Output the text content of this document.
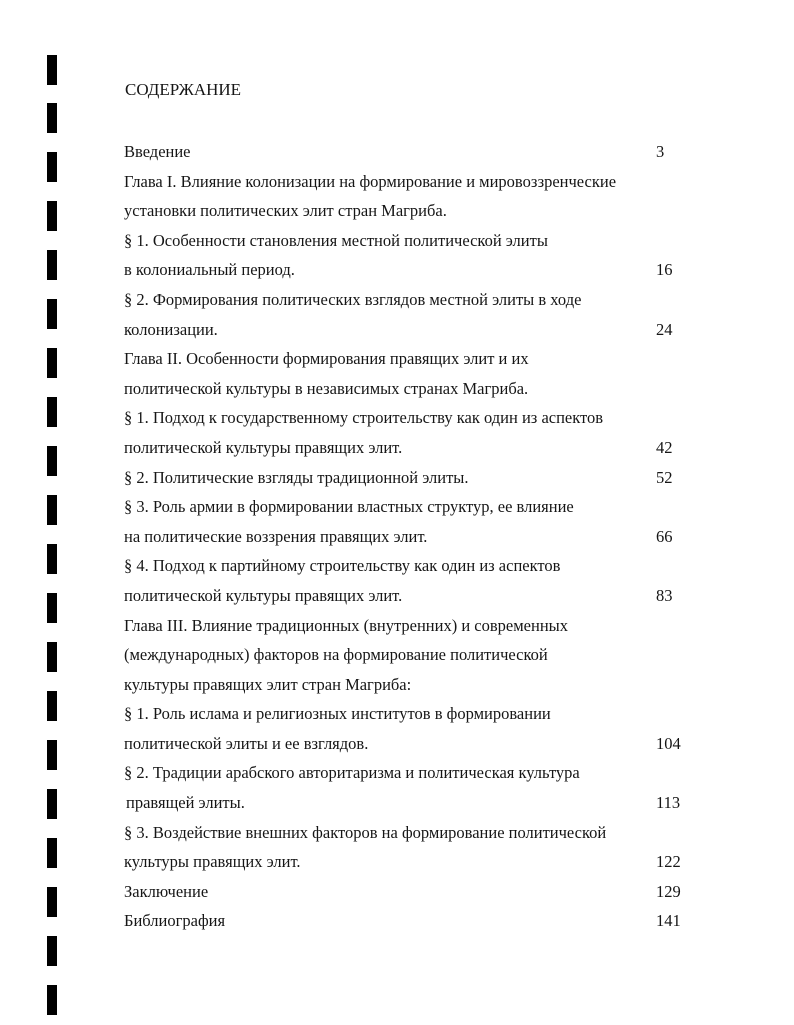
СОДЕРЖАНИЕ
Введение	3
Глава I. Влияние колонизации на формирование и мировоззренческие
установки политических элит стран Магриба.
§ 1. Особенности становления местной политической элиты
в колониальный период.	16
§ 2. Формирования политических взглядов местной элиты в ходе
колонизации.	24
Глава II. Особенности формирования правящих элит и их
политической культуры в независимых странах Магриба.
§ 1. Подход к государственному строительству как один из аспектов
политической культуры правящих элит.	42
§ 2. Политические взгляды традиционной элиты.	52
§ 3. Роль армии в формировании властных структур, ее влияние
на политические воззрения правящих элит.	66
§ 4. Подход к партийному строительству как один из аспектов
политической культуры правящих элит.	83
Глава III. Влияние традиционных (внутренних) и современных
(международных) факторов на формирование политической
культуры правящих элит стран Магриба:
§ 1. Роль ислама и религиозных институтов в формировании
политической элиты и ее взглядов.	104
§ 2. Традиции арабского авторитаризма и политическая культура
правящей элиты.	113
§ 3. Воздействие внешних факторов на формирование политической
культуры правящих элит.	122
Заключение	129
Библиография	141
